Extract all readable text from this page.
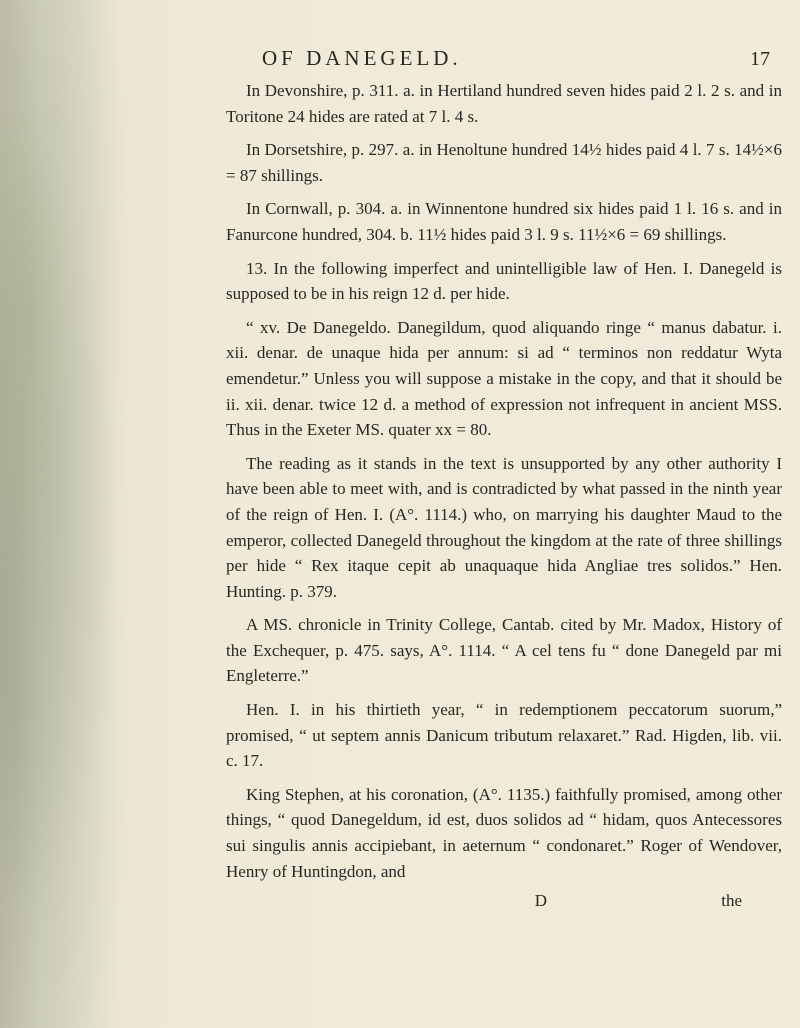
OF DANEGELD.	17

In Devonshire, p. 311. a. in Hertiland hundred seven hides paid 2 l. 2 s. and in Toritone 24 hides are rated at 7 l. 4 s.

In Dorsetshire, p. 297. a. in Henoltune hundred 14½ hides paid 4 l. 7 s. 14½×6 = 87 shillings.

In Cornwall, p. 304. a. in Winnentone hundred six hides paid 1 l. 16 s. and in Fanurcone hundred, 304. b. 11½ hides paid 3 l. 9 s. 11½×6 = 69 shillings.

13. In the following imperfect and unintelligible law of Hen. I. Danegeld is supposed to be in his reign 12 d. per hide.

“ xv. De Danegeldo. Danegildum, quod aliquando ringe “ manus dabatur. i. xii. denar. de unaque hida per annum: si ad “ terminos non reddatur Wyta emendetur.” Unless you will suppose a mistake in the copy, and that it should be ii. xii. denar. twice 12 d. a method of expression not infrequent in ancient MSS. Thus in the Exeter MS. quater xx = 80.

The reading as it stands in the text is unsupported by any other authority I have been able to meet with, and is contradicted by what passed in the ninth year of the reign of Hen. I. (A°. 1114.) who, on marrying his daughter Maud to the emperor, collected Danegeld throughout the kingdom at the rate of three shillings per hide “ Rex itaque cepit ab unaquaque hida Angliae tres solidos.” Hen. Hunting. p. 379.

A MS. chronicle in Trinity College, Cantab. cited by Mr. Madox, History of the Exchequer, p. 475. says, A°. 1114. “ A cel tens fu “ done Danegeld par mi Engleterre.”

Hen. I. in his thirtieth year, “ in redemptionem peccatorum suorum,” promised, “ ut septem annis Danicum tributum relaxaret.” Rad. Higden, lib. vii. c. 17.

King Stephen, at his coronation, (A°. 1135.) faithfully promised, among other things, “ quod Danegeldum, id est, duos solidos ad “ hidam, quos Antecessores sui singulis annis accipiebant, in aeternum “ condonaret.” Roger of Wendover, Henry of Huntingdon, and

D	the
